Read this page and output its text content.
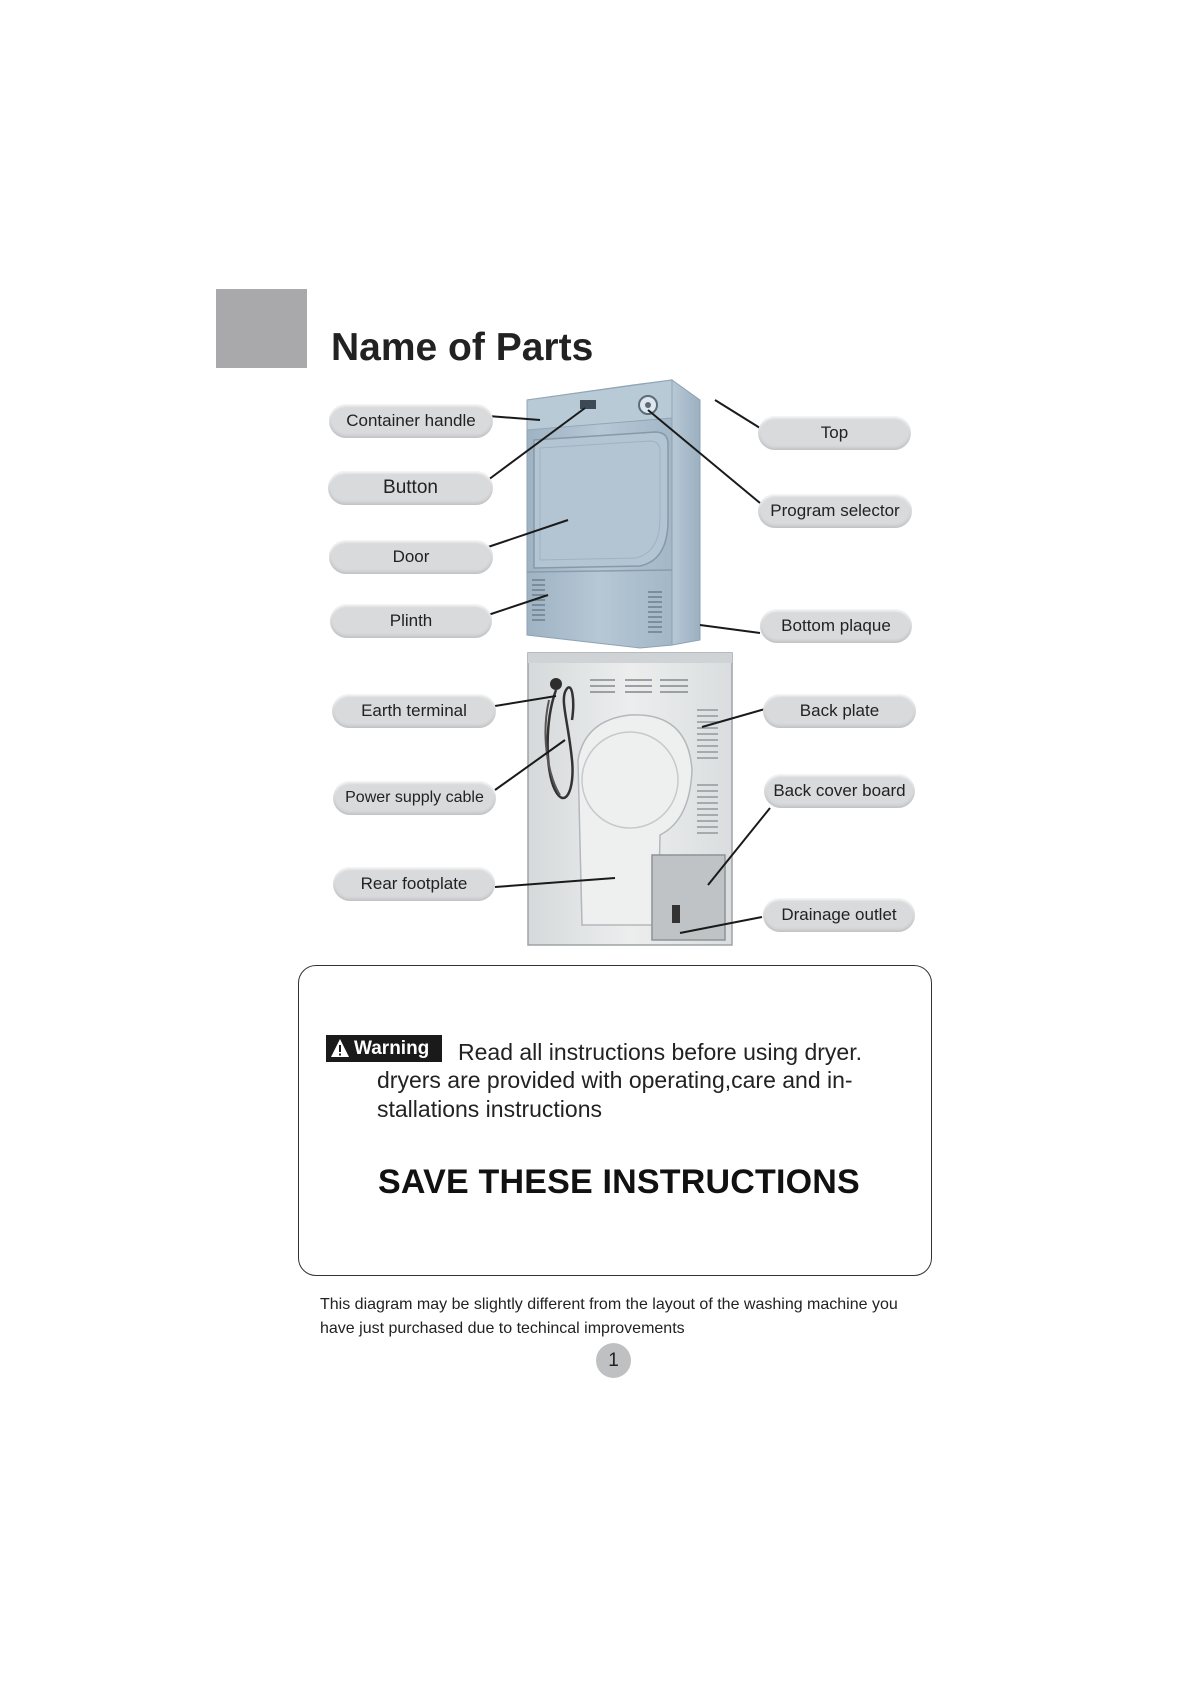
Name of Parts
Container handle
Button
Door
Plinth
Earth terminal
Power supply cable
Rear footplate
Top
Program selector
Bottom plaque
Back plate
Back cover board
Drainage outlet
Warning Read all instructions before using dryer.
dryers are provided with operating,care and in-
stallations instructions
SAVE THESE INSTRUCTIONS
This diagram may be slightly different from the layout of the washing machine you
have just purchased due to techincal improvements
1
